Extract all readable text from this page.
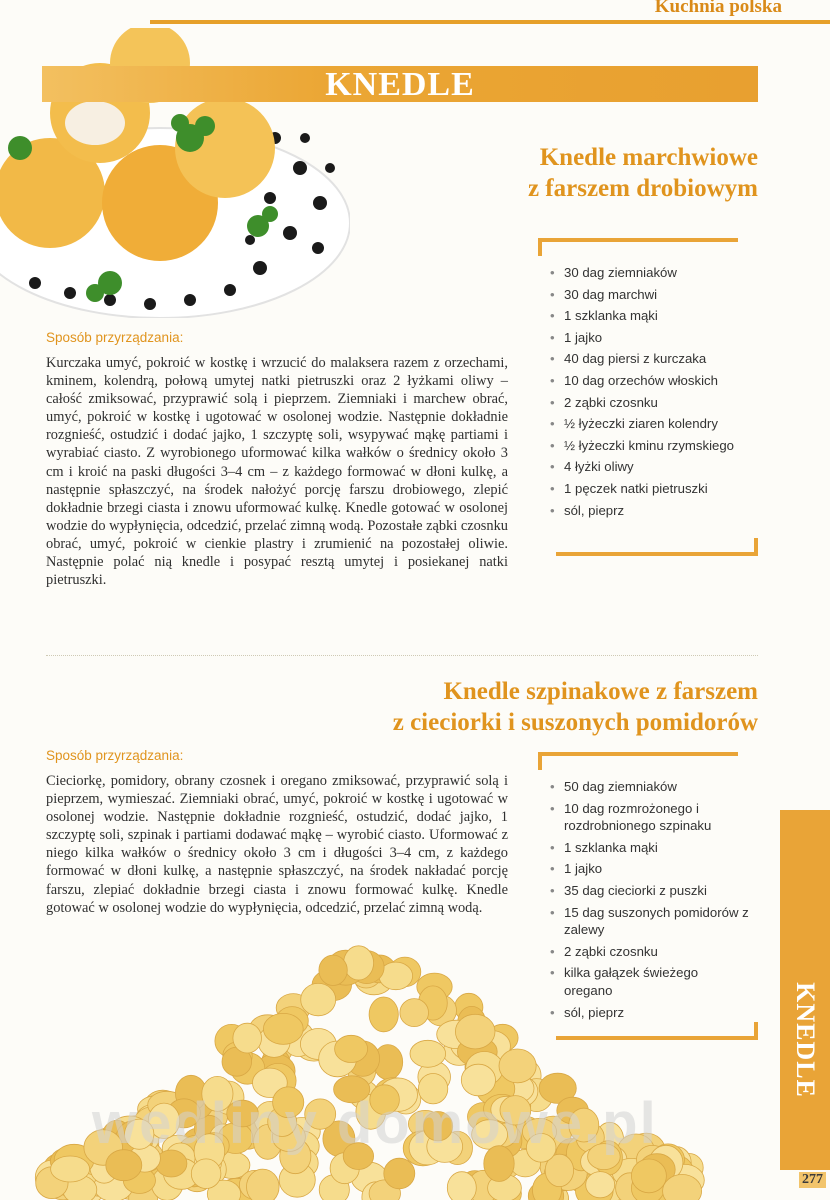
Kuchnia polska
KNEDLE
Knedle marchwiowe
z farszem drobiowym
• 30 dag ziemniaków
• 30 dag marchwi
• 1 szklanka mąki
• 1 jajko
• 40 dag piersi z kurczaka
• 10 dag orzechów włoskich
• 2 ząbki czosnku
• ½ łyżeczki ziaren kolendry
• ½ łyżeczki kminu rzymskiego
• 4 łyżki oliwy
• 1 pęczek natki pietruszki
• sól, pieprz
Sposób przyrządzania:

Kurczaka umyć, pokroić w kostkę i wrzucić do malaksera razem z orzechami, kminem, kolendrą, połową umytej natki pietruszki oraz 2 łyżkami oliwy – całość zmiksować, przyprawić solą i pieprzem. Ziemniaki i marchew obrać, umyć, pokroić w kostkę i ugotować w osolonej wodzie. Następnie dokładnie rozgnieść, ostudzić i dodać jajko, 1 szczyptę soli, wsypywać mąkę partiami i wyrabiać ciasto. Z wyrobionego uformować kilka wałków o średnicy około 3 cm i kroić na paski długości 3–4 cm – z każdego formować w dłoni kulkę, a następnie spłaszczyć, na środek nałożyć porcję farszu drobiowego, zlepić dokładnie brzegi ciasta i znowu uformować kulkę. Knedle gotować w osolonej wodzie do wypłynięcia, odcedzić, przelać zimną wodą. Pozostałe ząbki czosnku obrać, umyć, pokroić w cienkie plastry i zrumienić na pozostałej oliwie. Następnie polać nią knedle i posypać resztą umytej i posiekanej natki pietruszki.

Knedle szpinakowe z farszem
z cieciorki i suszonych pomidorów
Sposób przyrządzania:

Cieciorkę, pomidory, obrany czosnek i oregano zmiksować, przyprawić solą i pieprzem, wymieszać. Ziemniaki obrać, umyć, pokroić w kostkę i ugotować w osolonej wodzie. Następnie dokładnie rozgnieść, ostudzić, dodać jajko, 1 szczyptę soli, szpinak i partiami dodawać mąkę – wyrobić ciasto. Uformować z niego kilka wałków o średnicy około 3 cm i długości 3–4 cm, z każdego formować w dłoni kulkę, a następnie spłaszczyć, na środek nakładać porcję farszu, zlepiać dokładnie brzegi ciasta i znowu formować kulkę. Knedle gotować w osolonej wodzie do wypłynięcia, odcedzić, przelać zimną wodą.

• 50 dag ziemniaków
• 10 dag rozmrożonego i rozdrobnionego szpinaku
• 1 szklanka mąki
• 1 jajko
• 35 dag cieciorki z puszki
• 15 dag suszonych pomidorów z zalewy
• 2 ząbki czosnku
• kilka gałązek świeżego oregano
• sól, pieprz
wedliny domowe.pl
KNEDLE
277
